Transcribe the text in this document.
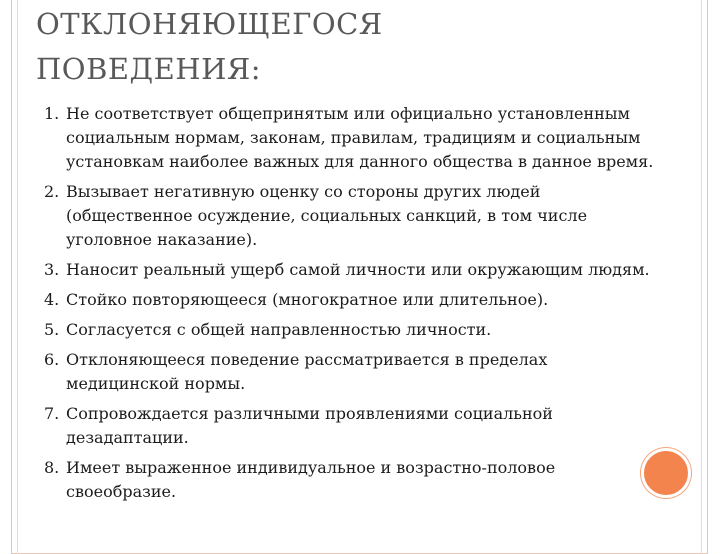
ОТКЛОНЯЮЩЕГОСЯ
ПОВЕДЕНИЯ:
1. Не соответствует общепринятым или официально установленным социальным нормам, законам, правилам, традициям и социальным установкам наиболее важных для данного общества в данное время.
2. Вызывает негативную оценку со стороны других людей (общественное осуждение, социальных санкций, в том числе уголовное наказание).
3. Наносит реальный ущерб самой личности или окружающим людям.
4. Стойко повторяющееся (многократное или длительное).
5. Согласуется с общей направленностью личности.
6. Отклоняющееся поведение рассматривается в пределах медицинской нормы.
7. Сопровождается различными проявлениями социальной дезадаптации.
8. Имеет выраженное индивидуальное и возрастно-половое своеобразие.
